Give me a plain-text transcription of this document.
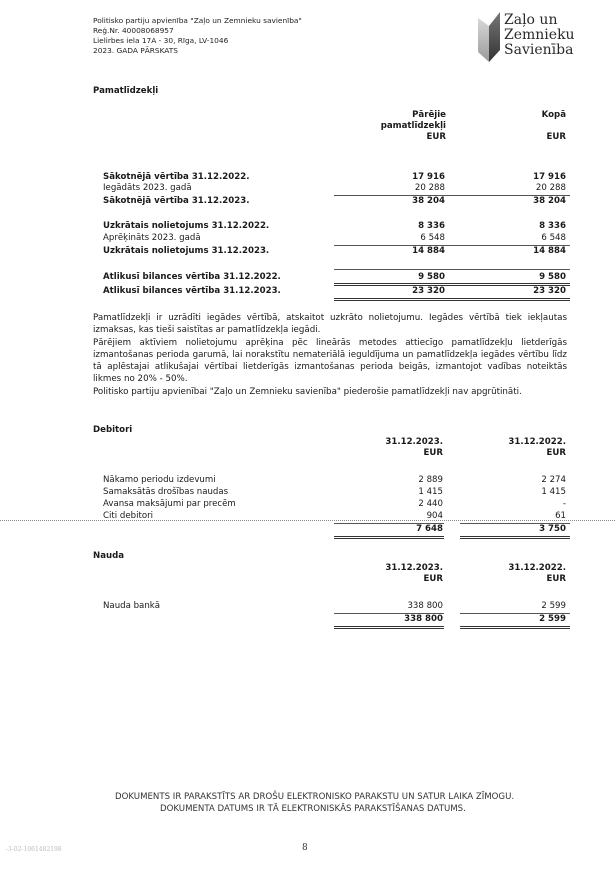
Politisko partiju apvienība "Zaļo un Zemnieku savienība"
Reģ.Nr. 40008068957
Lielirbes iela 17A - 30, Rīga, LV-1046
2023. GADA PĀRSKATS
Zaļo un
Zemnieku
Savienība
Pamatlīdzekļi
Pārējie
pamatlīdzekļi
EUR
Kopā
EUR
Sākotnējā vērtība 31.12.2022.	17 916	17 916
Iegādāts 2023. gadā	20 288	20 288
Sākotnējā vērtība 31.12.2023.	38 204	38 204
Uzkrātais nolietojums 31.12.2022.	8 336	8 336
Aprēķināts 2023. gadā	6 548	6 548
Uzkrātais nolietojums 31.12.2023.	14 884	14 884
Atlikusī bilances vērtība 31.12.2022.	9 580	9 580
Atlikusī bilances vērtība 31.12.2023.	23 320	23 320

Pamatlīdzekļi ir uzrādīti iegādes vērtībā, atskaitot uzkrāto nolietojumu. Iegādes vērtībā tiek iekļautas izmaksas, kas tieši saistītas ar pamatlīdzekļa iegādi.

Pārējiem aktīviem nolietojumu aprēķina pēc lineārās metodes attiecīgo pamatlīdzekļu lietderīgās izmantošanas perioda garumā, lai norakstītu nemateriālā ieguldījuma un pamatlīdzekļa iegādes vērtību līdz tā aplēstajai atlikušajai vērtībai lietderīgās izmantošanas perioda beigās, izmantojot vadības noteiktās likmes no 20% - 50%.

Politisko partiju apvienībai "Zaļo un Zemnieku savienība" piederošie pamatlīdzekļi nav apgrūtināti.

Debitori
31.12.2023.
EUR
31.12.2022.
EUR
Nākamo periodu izdevumi	2 889	2 274
Samaksātās drošības naudas	1 415	1 415
Avansa maksājumi par precēm	2 440	-
Citi debitori	904	61
7 648	3 750
Nauda
31.12.2023.
EUR
31.12.2022.
EUR
Nauda bankā	338 800	2 599
338 800	2 599
DOKUMENTS IR PARAKSTĪTS AR DROŠU ELEKTRONISKO PARAKSTU UN SATUR LAIKA ZĪMOGU.
DOKUMENTA DATUMS IR TĀ ELEKTRONISKĀS PARAKSTĪŠANAS DATUMS.
-3-02-1061482198	8
